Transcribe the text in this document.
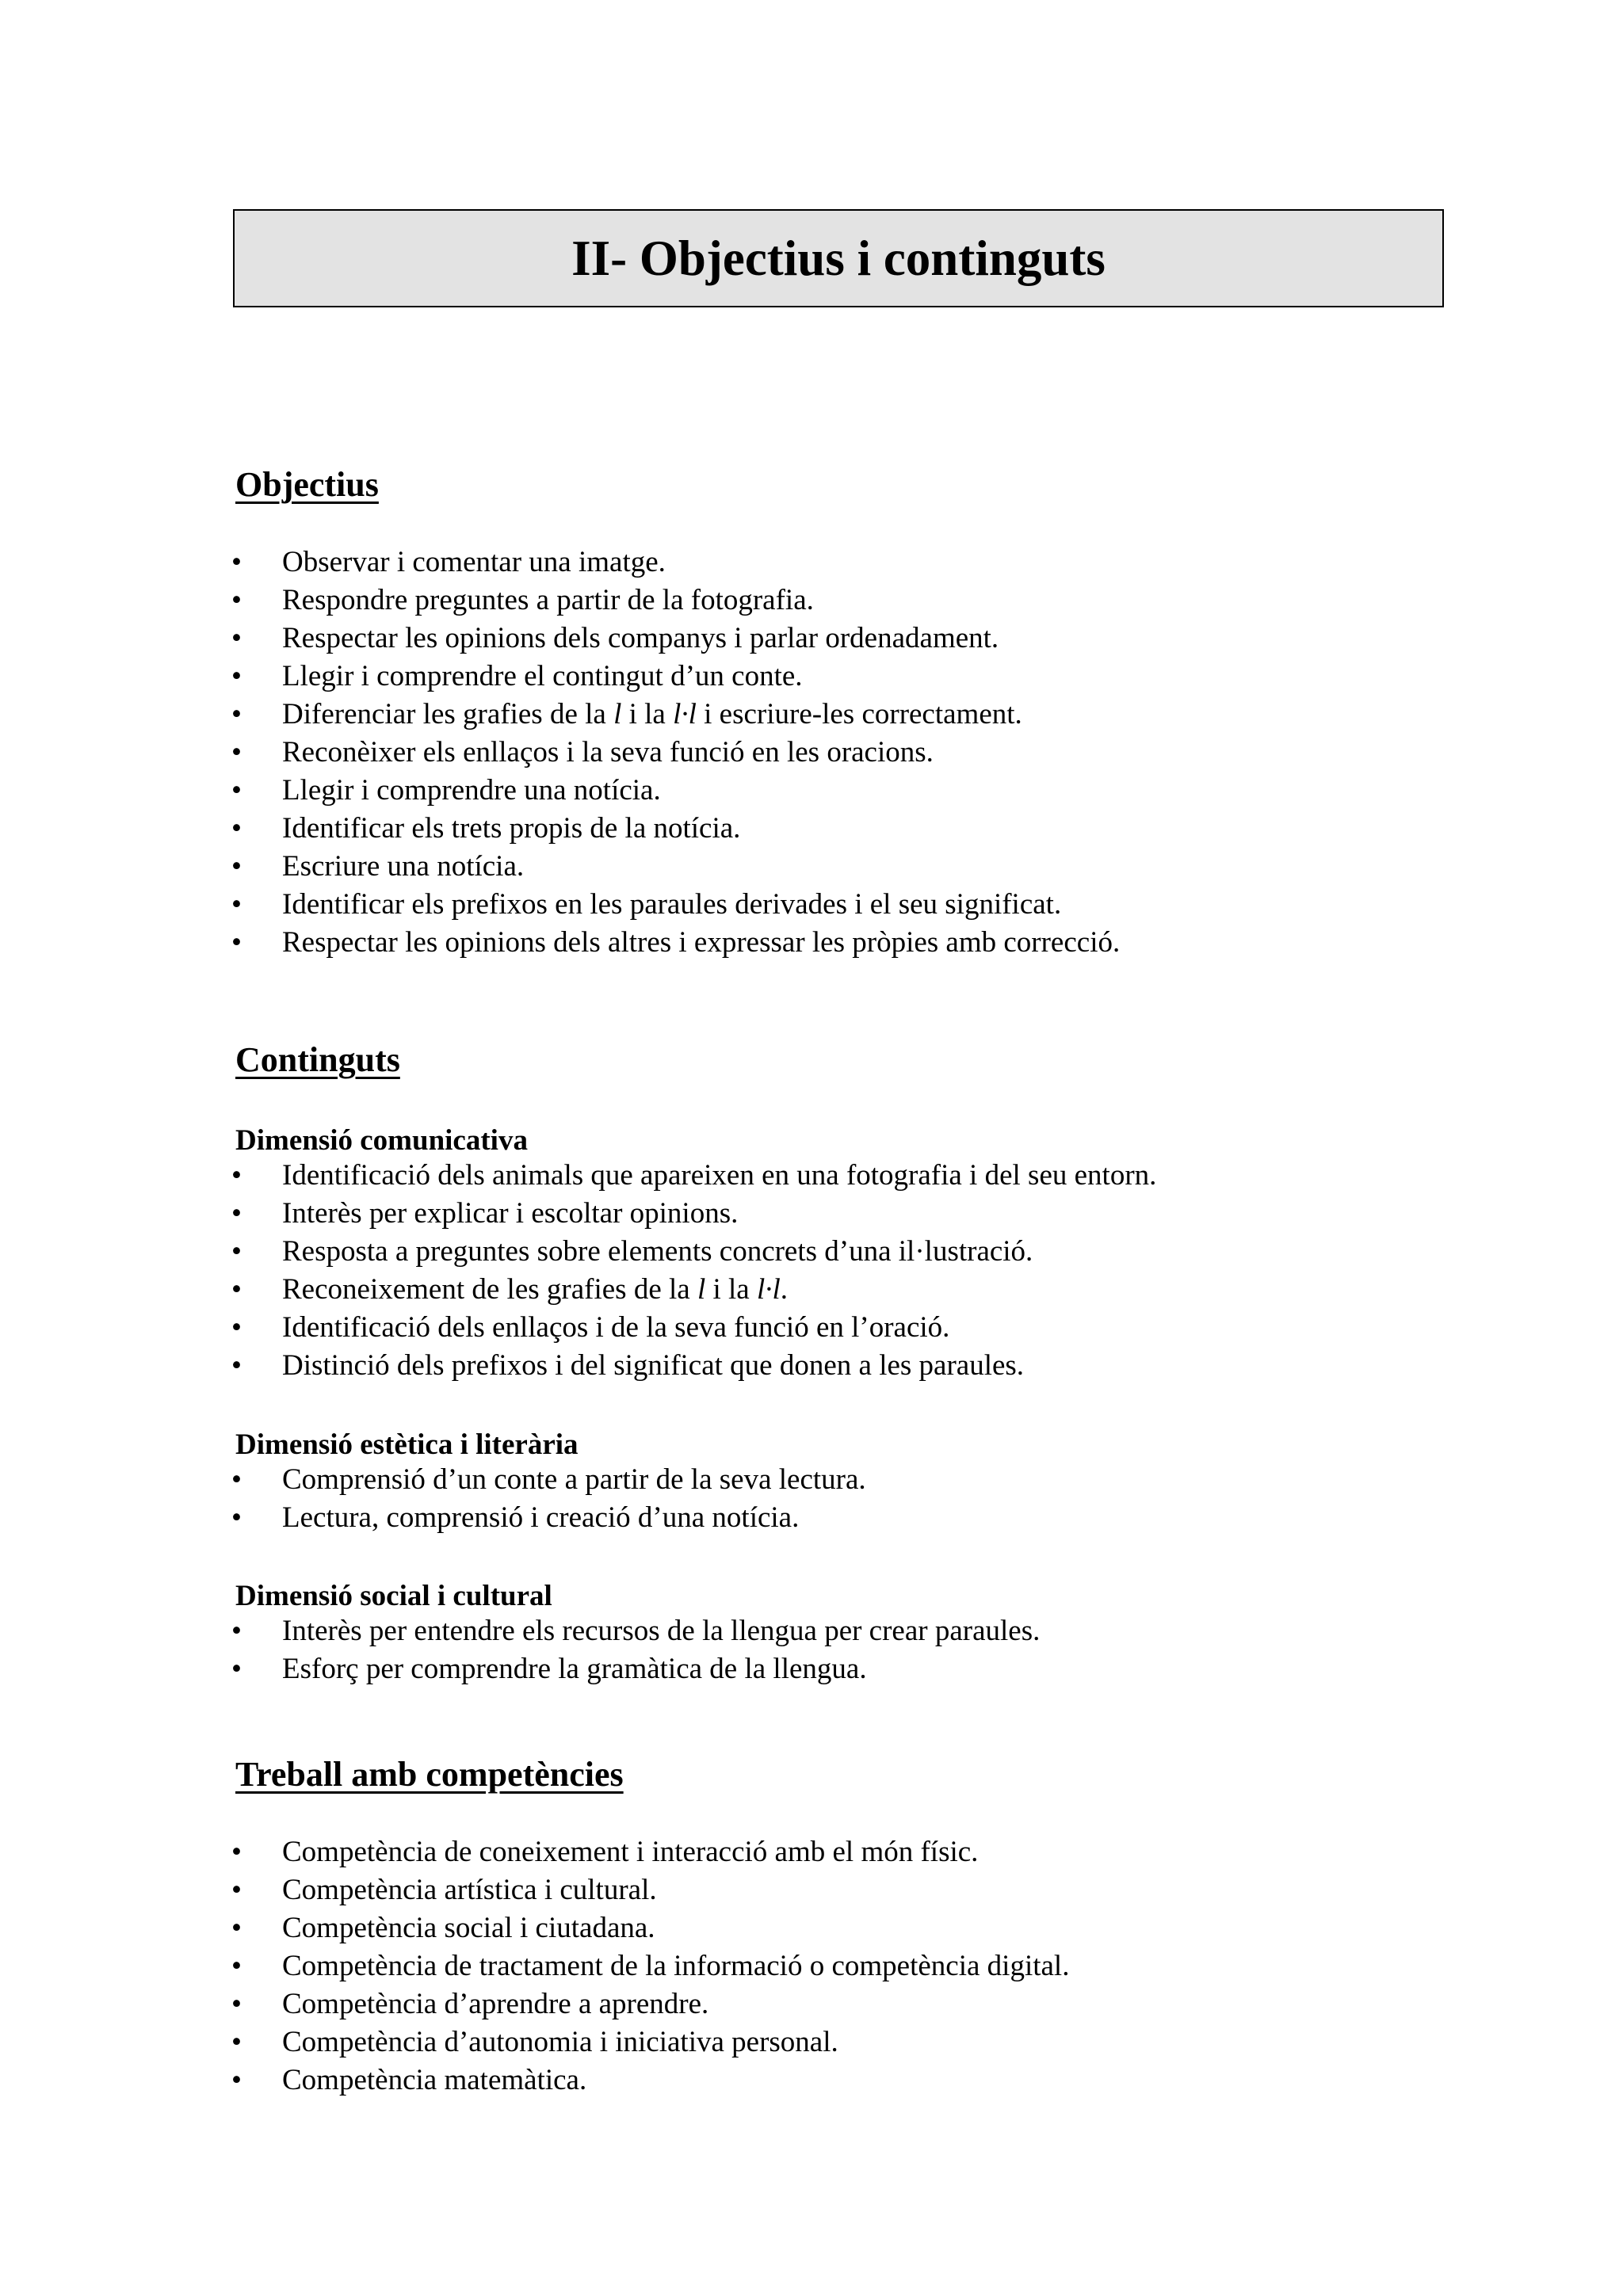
II- Objectius i continguts
Objectius
• Observar i comentar una imatge.
• Respondre preguntes a partir de la fotografia.
• Respectar les opinions dels companys i parlar ordenadament.
• Llegir i comprendre el contingut d’un conte.
• Diferenciar les grafies de la l i la l·l i escriure-les correctament.
• Reconèixer els enllaços i la seva funció en les oracions.
• Llegir i comprendre una notícia.
• Identificar els trets propis de la notícia.
• Escriure una notícia.
• Identificar els prefixos en les paraules derivades i el seu significat.
• Respectar les opinions dels altres i expressar les pròpies amb correcció.
Continguts
Dimensió comunicativa
• Identificació dels animals que apareixen en una fotografia i del seu entorn.
• Interès per explicar i escoltar opinions.
• Resposta a preguntes sobre elements concrets d’una il·lustració.
• Reconeixement de les grafies de la l i la l·l.
• Identificació dels enllaços i de la seva funció en l’oració.
• Distinció dels prefixos i del significat que donen a les paraules.
Dimensió estètica i literària
• Comprensió d’un conte a partir de la seva lectura.
• Lectura, comprensió i creació d’una notícia.
Dimensió social i cultural
• Interès per entendre els recursos de la llengua per crear paraules.
• Esforç per comprendre la gramàtica de la llengua.
Treball amb competències
• Competència de coneixement i interacció amb el món físic.
• Competència artística i cultural.
• Competència social i ciutadana.
• Competència de tractament de la informació o competència digital.
• Competència d’aprendre a aprendre.
• Competència d’autonomia i iniciativa personal.
• Competència matemàtica.
